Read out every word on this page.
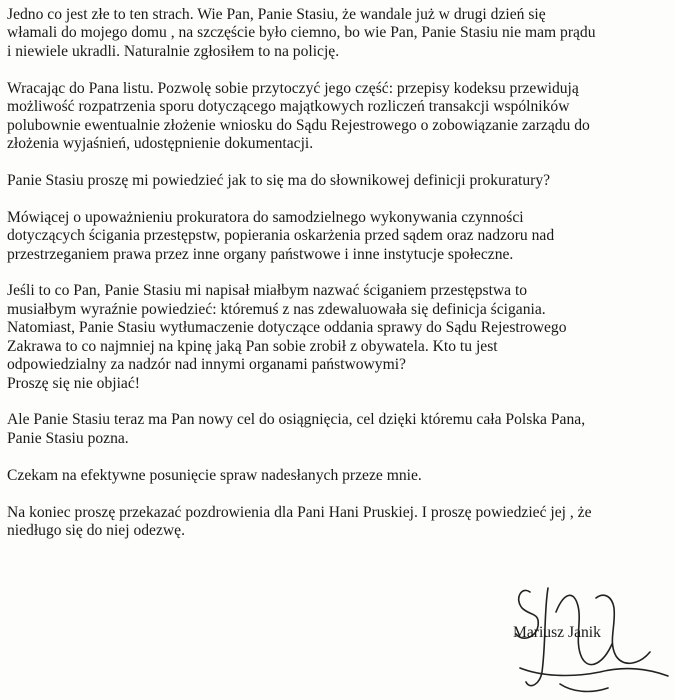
Jedno co jest złe to ten strach. Wie Pan, Panie Stasiu, że wandale już w drugi dzień się
włamali do mojego domu , na szczęście było ciemno, bo wie Pan, Panie Stasiu nie mam prądu
i niewiele ukradli. Naturalnie zgłosiłem to na policję.

Wracając do Pana listu. Pozwolę sobie przytoczyć jego część: przepisy kodeksu przewidują
możliwość rozpatrzenia sporu dotyczącego majątkowych rozliczeń transakcji wspólników
polubownie ewentualnie złożenie wniosku do Sądu Rejestrowego o zobowiązanie zarządu do
złożenia wyjaśnień, udostępnienie dokumentacji.

Panie Stasiu proszę mi powiedzieć jak to się ma do słownikowej definicji prokuratury?

Mówiącej o upoważnieniu prokuratora do samodzielnego wykonywania czynności
dotyczących ścigania przestępstw, popierania oskarżenia przed sądem oraz nadzoru nad
przestrzeganiem prawa przez inne organy państwowe i inne instytucje społeczne.

Jeśli to co Pan, Panie Stasiu mi napisał miałbym nazwać ściganiem przestępstwa to
musiałbym wyraźnie powiedzieć: któremuś z nas zdewaluowała się definicja ścigania.
Natomiast, Panie Stasiu wytłumaczenie dotyczące oddania sprawy do Sądu Rejestrowego
Zakrawa to co najmniej na kpinę jaką Pan sobie zrobił z obywatela. Kto tu jest
odpowiedzialny za nadzór nad innymi organami państwowymi?
Proszę się nie objiać!

Ale Panie Stasiu teraz ma Pan nowy cel do osiągnięcia, cel dzięki któremu cała Polska Pana,
Panie Stasiu pozna.

Czekam na efektywne posunięcie spraw nadesłanych przeze mnie.

Na koniec proszę przekazać pozdrowienia dla Pani Hani Pruskiej. I proszę powiedzieć jej , że
niedługo się do niej odezwę.

Mariusz Janik
